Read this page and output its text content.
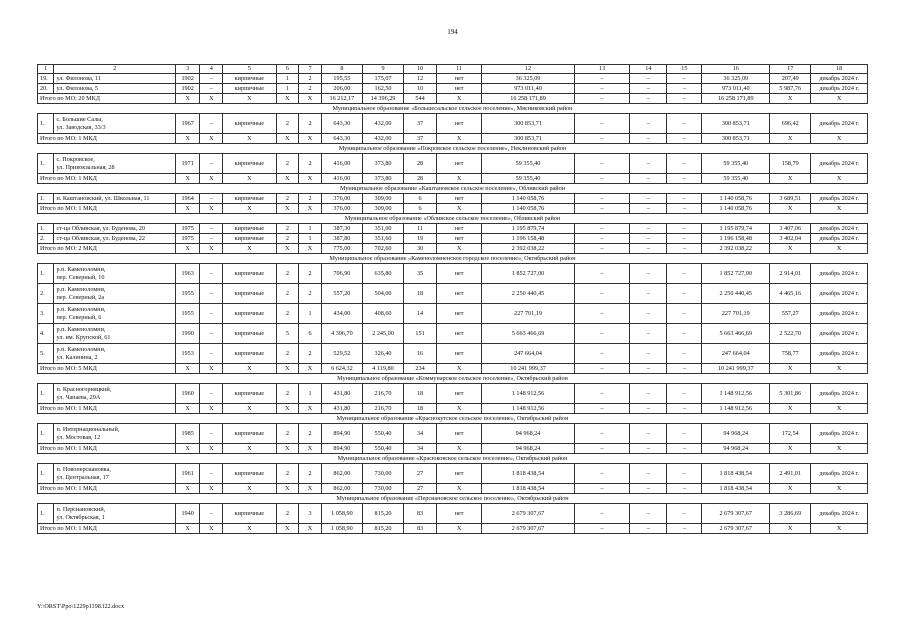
194
1	2	3	4	5	6	7	8	9	10	11	12	13	14	15	16	17	18
19.	ул. Филонова, 11	1902	–	кирпичные	1	2	195,55	175,07	12	нет	36 325,09	–	–	–	36 325,09	207,49	декабрь 2024 г.
20.	ул. Филонова, 5	1902	–	кирпичные	1	2	206,00	162,50	10	нет	973 011,40	–	–	–	973 011,40	5 987,76	декабрь 2024 г.
Итого по МО: 20 МКД		Х	Х	Х	Х	Х	16 212,17	14 396,29	544	Х	16 258 171,89	–	–	–	16 258 171,89	Х	Х
Муниципальное образование «Большесальское сельское поселение», Мясниковский район																	
1.	с. Большие Салы,
ул. Заводская, 33/3	1967	–	кирпичные	2	2	643,30	432,00	37	нет	300 853,71	–	–	–	300 853,71	696,42	декабрь 2024 г.
Итого по МО: 1 МКД		Х	Х	Х	Х	Х	643,30	432,00	37	Х	300 853,71	–	–	–	300 853,71	Х	Х
Муниципальное образование «Покровское сельское поселение», Неклиновский район																	
1.	с. Покровское,
ул. Привокзальная, 28	1971	–	кирпичные	2	2	416,00	373,80	28	нет	59 355,40	–	–	–	59 355,40	158,79	декабрь 2024 г.
Итого по МО: 1 МКД		Х	Х	Х	Х	Х	416,00	373,80	28	Х	59 355,40	–	–	–	59 355,40	Х	Х
Муниципальное образование «Каштановское сельское поселение», Обливский район																	
1.	п. Каштановский, ул. Школьная, 11	1964	–	кирпичные	2	2	376,00	309,00	6	нет	1 140 058,76	–	–	–	1 140 058,76	3 689,51	декабрь 2024 г.
Итого по МО: 1 МКД		Х	Х	Х	Х	Х	376,00	309,00	6	Х	1 140 058,76	–	–	–	1 140 058,76	Х	Х
Муниципальное образование «Обливское сельское поселение», Обливский район																	
1.	ст-ца Обливская, ул. Буденова, 20	1975	–	кирпичные	2	1	387,30	351,00	11	нет	1 195 879,74	–	–	–	1 195 879,74	3 407,06	декабрь 2024 г.
2.	ст-ца Обливская, ул. Буденова, 22	1975	–	кирпичные	2	1	387,80	351,60	19	нет	1 196 158,48	–	–	–	1 196 158,48	3 402,04	декабрь 2024 г.
Итого по МО: 2 МКД		Х	Х	Х	Х	Х	775,00	702,60	30	Х	2 392 038,22	–	–	–	2 392 038,22	Х	Х
Муниципальное образование «Каменоломненское городское поселение», Октябрьский район																	
1.	р.п. Каменоломни,
пер. Северный, 10	1963	–	кирпичные	2	2	706,90	635,80	35	нет	1 852 727,00	–	–	–	1 852 727,00	2 914,01	декабрь 2024 г.
2.	р.п. Каменоломни,
пер. Северный, 2а	1955	–	кирпичные	2	2	557,20	504,00	18	нет	2 250 440,45	–	–	–	2 250 440,45	4 465,16	декабрь 2024 г.
3.	р.п. Каменоломни,
пер. Северный, 6	1955	–	кирпичные	2	1	434,00	408,60	14	нет	227 701,19	–	–	–	227 701,19	557,27	декабрь 2024 г.
4.	р.п. Каменоломни,
ул. им. Крупской, 61	1990	–	кирпичные	5	6	4 396,70	2 245,00	151	нет	5 663 466,69	–	–	–	5 663 466,69	2 522,70	декабрь 2024 г.
5.	р.п. Каменоломни,
ул. Калинина, 2	1953	–	кирпичные	2	2	529,52	326,40	16	нет	247 664,04	–	–	–	247 664,04	758,77	декабрь 2024 г.
Итого по МО: 5 МКД		Х	Х	Х	Х	Х	6 624,32	4 119,80	234	Х	10 241 999,37	–	–	–	10 241 999,37	Х	Х
Муниципальное образование «Коммунарское сельское поселение», Октябрьский район																	
1.	п. Красногорняцкий,
ул. Чапаева, 29А	1960	–	кирпичные	2	1	431,80	216,70	18	нет	1 148 912,56	–	–	–	1 148 912,56	5 301,86	декабрь 2024 г.
Итого по МО: 1 МКД		Х	Х	Х	Х	Х	431,80	216,70	18	Х	1 148 912,56	–	–	–	1 148 912,56	Х	Х
Муниципальное образование «Краснокутское сельское поселение», Октябрьский район																	
1.	п. Интернациональный,
ул. Мостовая, 12	1985	–	кирпичные	2	2	894,90	550,40	34	нет	94 968,24	–	–	–	94 968,24	172,54	декабрь 2024 г.
Итого по МО: 1 МКД		Х	Х	Х	Х	Х	894,90	550,40	34	Х	94 968,24	–	–	–	94 968,24	Х	Х
Муниципальное образование «Красюковское сельское поселение», Октябрьский район																	
1.	п. Новоперсиановка,
ул. Центральная, 17	1961	–	кирпичные	2	2	862,00	730,00	27	нет	1 818 438,54	–	–	–	1 818 438,54	2 491,01	декабрь 2024 г.
Итого по МО: 1 МКД		Х	Х	Х	Х	Х	862,00	730,00	27	Х	1 818 438,54	–	–	–	1 818 438,54	Х	Х
Муниципальное образование «Персиановское сельское поселение», Октябрьский район																	
1.	п. Персиановский,
ул. Октябрьская, 1	1940	–	кирпичные	2	3	1 058,90	815,20	83	нет	2 679 307,67	–	–	–	2 679 307,67	3 286,69	декабрь 2024 г.
Итого по МО: 1 МКД		Х	Х	Х	Х	Х	1 058,90	815,20	83	Х	2 679 307,67	–	–	–	2 679 307,67	Х	Х
Y:\ORST\Ppo\1229p1198.f22.docx
